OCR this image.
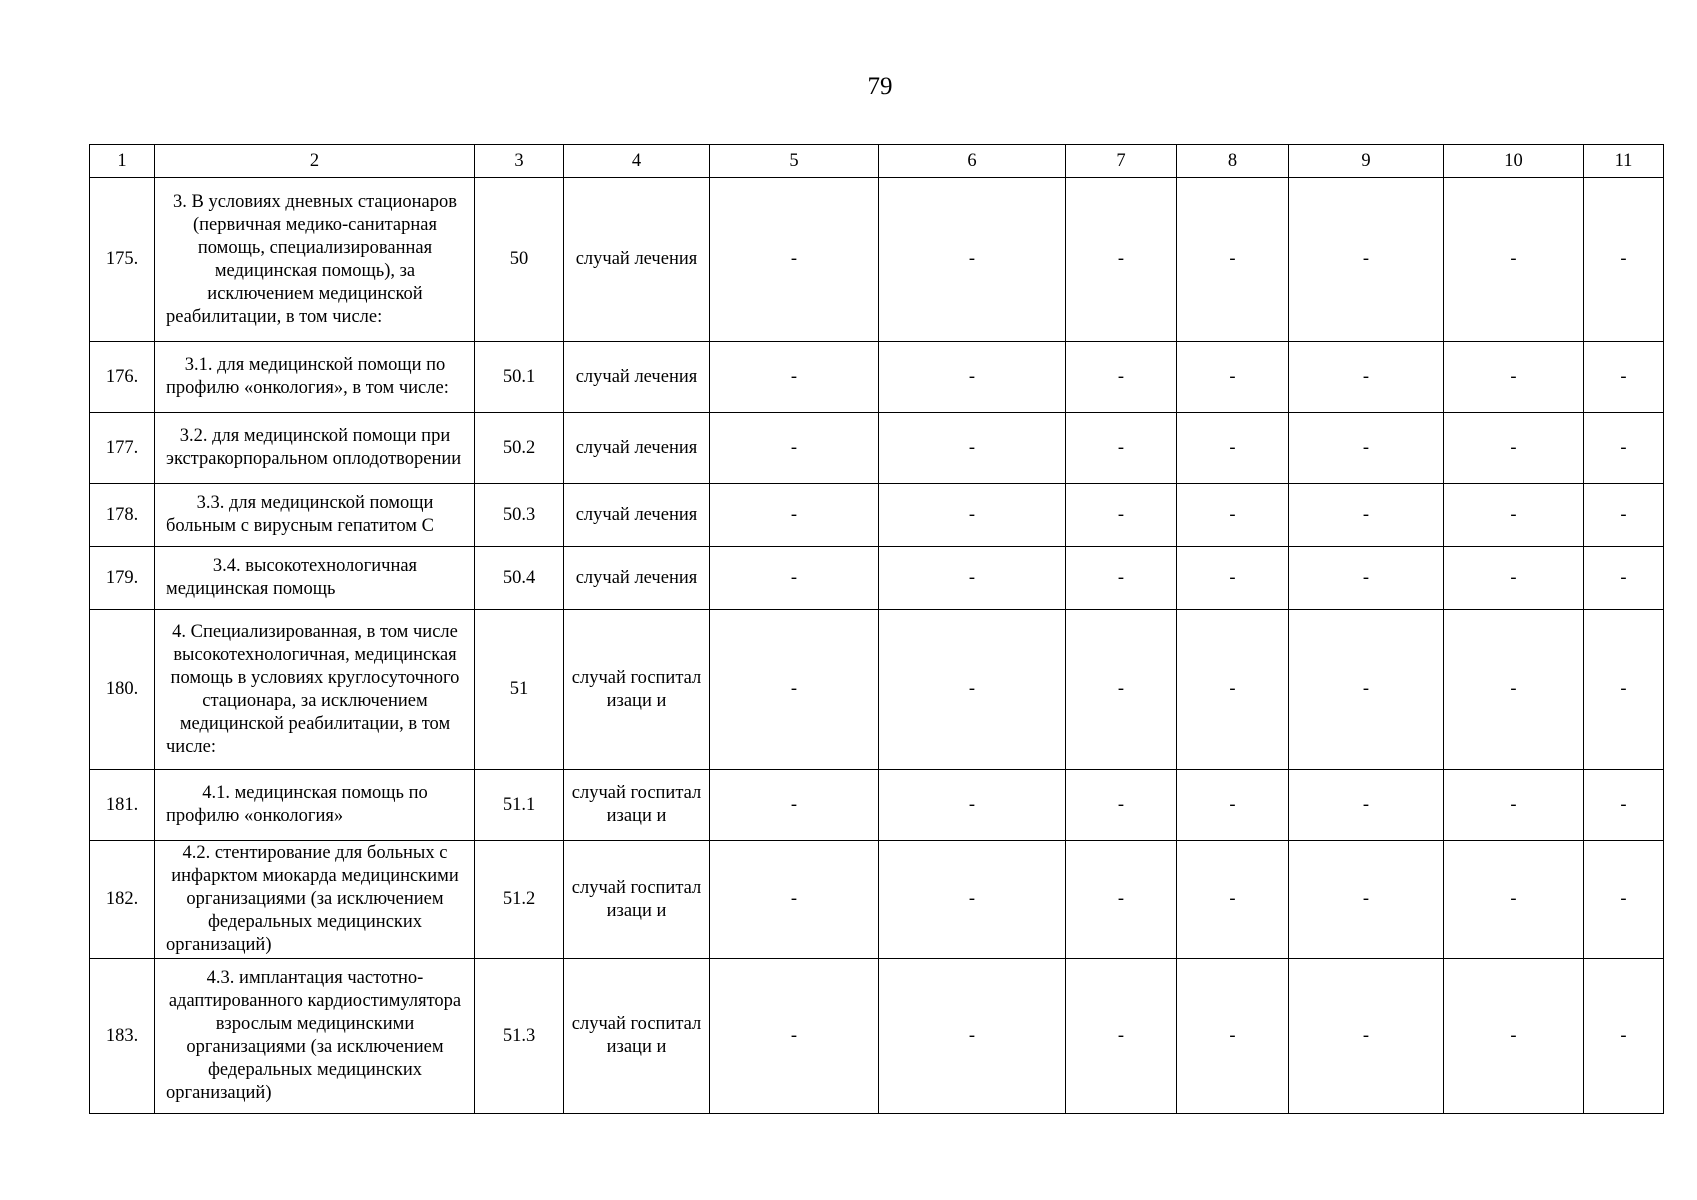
79
1	2	3	4	5	6	7	8	9	10	11
175.	3. В условиях дневных стационаров (первичная медико-санитарная помощь, специализированная медицинская помощь), за исключением медицинской реабилитации, в том числе:	50	случай лечения	-	-	-	-	-	-	-
176.	3.1. для медицинской помощи по профилю «онкология», в том числе:	50.1	случай лечения	-	-	-	-	-	-	-
177.	3.2. для медицинской помощи при экстракорпоральном оплодотворении	50.2	случай лечения	-	-	-	-	-	-	-
178.	3.3. для медицинской помощи больным с вирусным гепатитом С	50.3	случай лечения	-	-	-	-	-	-	-
179.	3.4. высокотехнологичная медицинская помощь	50.4	случай лечения	-	-	-	-	-	-	-
180.	4. Специализированная, в том числе высокотехнологичная, медицинская помощь в условиях круглосуточного стационара, за исключением медицинской реабилитации, в том числе:	51	случай госпитализаци и	-	-	-	-	-	-	-
181.	4.1. медицинская помощь по профилю «онкология»	51.1	случай госпитализаци и	-	-	-	-	-	-	-
182.	4.2. стентирование для больных с инфарктом миокарда медицинскими организациями (за исключением федеральных медицинских организаций)	51.2	случай госпитализаци и	-	-	-	-	-	-	-
183.	4.3. имплантация частотно-адаптированного кардиостимулятора взрослым медицинскими организациями (за исключением федеральных медицинских организаций)	51.3	случай госпитализаци и	-	-	-	-	-	-	-
